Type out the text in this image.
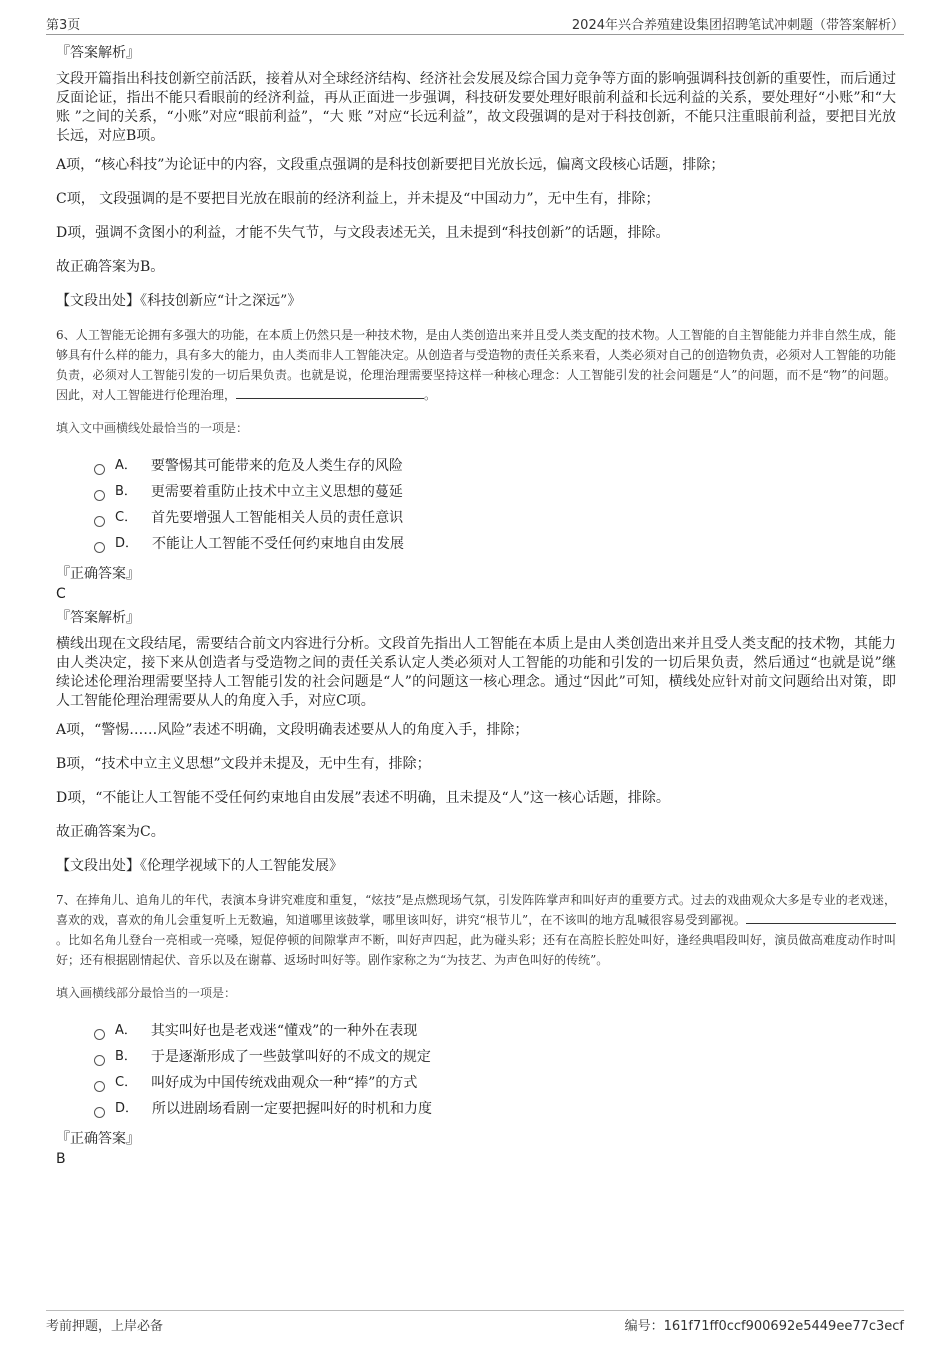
第3页	2024年兴合养殖建设集团招聘笔试冲刺题（带答案解析）
『答案解析』
文段开篇指出科技创新空前活跃，接着从对全球经济结构、经济社会发展及综合国力竞争等方面的影响强调科技创新的重要性，而后通过反面论证，指出不能只看眼前的经济利益，再从正面进一步强调，科技研发要处理好眼前利益和长远利益的关系，要处理好“小账”和“大 账 ”之间的关系，“小账”对应“眼前利益”，“大 账 ”对应“长远利益”，故文段强调的是对于科技创新，不能只注重眼前利益，要把目光放长远，对应B项。
A项，“核心科技”为论证中的内容，文段重点强调的是科技创新要把目光放长远，偏离文段核心话题，排除；
C项， 文段强调的是不要把目光放在眼前的经济利益上，并未提及“中国动力”，无中生有，排除；
D项，强调不贪图小的利益，才能不失气节，与文段表述无关，且未提到“科技创新”的话题，排除。
故正确答案为B。
【文段出处】《科技创新应“计之深远”》
6、人工智能无论拥有多强大的功能，在本质上仍然只是一种技术物，是由人类创造出来并且受人类支配的技术物。人工智能的自主智能能力并非自然生成，能够具有什么样的能力，具有多大的能力，由人类而非人工智能决定。从创造者与受造物的责任关系来看，人类必须对自己的创造物负责，必须对人工智能的功能负责，必须对人工智能引发的一切后果负责。也就是说，伦理治理需要坚持这样一种核心理念：人工智能引发的社会问题是“人”的问题，而不是“物”的问题。因此，对人工智能进行伦理治理，	。
填入文中画横线处最恰当的一项是：
A． 要警惕其可能带来的危及人类生存的风险
B． 更需要着重防止技术中立主义思想的蔓延
C． 首先要增强人工智能相关人员的责任意识
D． 不能让人工智能不受任何约束地自由发展
『正确答案』
C
『答案解析』
横线出现在文段结尾，需要结合前文内容进行分析。文段首先指出人工智能在本质上是由人类创造出来并且受人类支配的技术物，其能力由人类决定，接下来从创造者与受造物之间的责任关系认定人类必须对人工智能的功能和引发的一切后果负责，然后通过“也就是说”继续论述伦理治理需要坚持人工智能引发的社会问题是“人”的问题这一核心理念。通过“因此”可知，横线处应针对前文问题给出对策，即人工智能伦理治理需要从人的角度入手，对应C项。
A项，“警惕……风险”表述不明确，文段明确表述要从人的角度入手，排除；
B项，“技术中立主义思想”文段并未提及，无中生有，排除；
D项，“不能让人工智能不受任何约束地自由发展”表述不明确，且未提及“人”这一核心话题，排除。
故正确答案为C。
【文段出处】《伦理学视域下的人工智能发展》
7、在捧角儿、追角儿的年代，表演本身讲究难度和重复，“炫技”是点燃现场气氛，引发阵阵掌声和叫好声的重要方式。过去的戏曲观众大多是专业的老戏迷，喜欢的戏，喜欢的角儿会重复听上无数遍，知道哪里该鼓掌，哪里该叫好，讲究“根节儿”，在不该叫的地方乱喊很容易受到鄙视。。比如名角儿登台一亮相或一亮嗓，短促停顿的间隙掌声不断，叫好声四起，此为碰头彩；还有在高腔长腔处叫好，逢经典唱段叫好，演员做高难度动作时叫好；还有根据剧情起伏、音乐以及在谢幕、返场时叫好等。剧作家称之为“为技艺、为声色叫好的传统”。
填入画横线部分最恰当的一项是：
A． 其实叫好也是老戏迷“懂戏”的一种外在表现
B． 于是逐渐形成了一些鼓掌叫好的不成文的规定
C． 叫好成为中国传统戏曲观众一种“捧”的方式
D． 所以进剧场看剧一定要把握叫好的时机和力度
『正确答案』
B
考前押题，上岸必备	编号：161f71ff0ccf900692e5449ee77c3ecf
